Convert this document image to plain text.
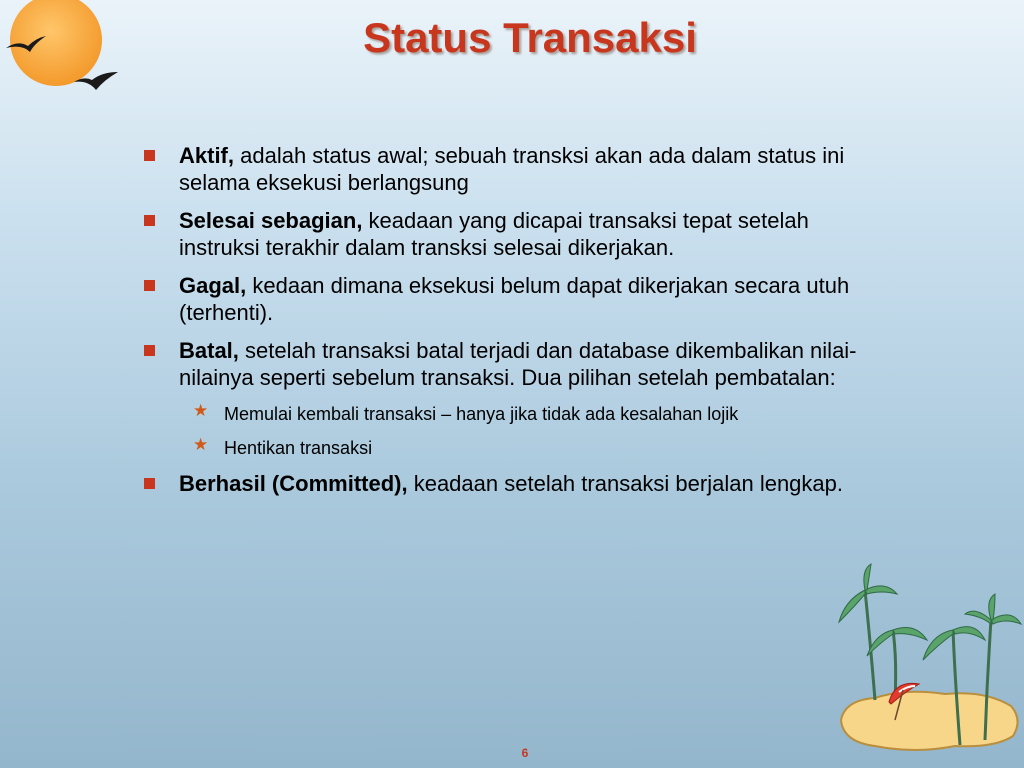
Status Transaksi
Aktif, adalah status awal; sebuah transksi akan ada dalam status ini selama eksekusi berlangsung
Selesai sebagian, keadaan yang dicapai transaksi tepat setelah instruksi terakhir dalam transksi selesai dikerjakan.
Gagal, kedaan dimana eksekusi belum dapat dikerjakan secara utuh (terhenti).
Batal, setelah transaksi batal terjadi dan database dikembalikan nilai-nilainya seperti sebelum transaksi. Dua pilihan setelah pembatalan:
★ Memulai kembali transaksi – hanya jika tidak ada kesalahan lojik
★ Hentikan transaksi
Berhasil (Committed), keadaan setelah transaksi berjalan lengkap.
6
